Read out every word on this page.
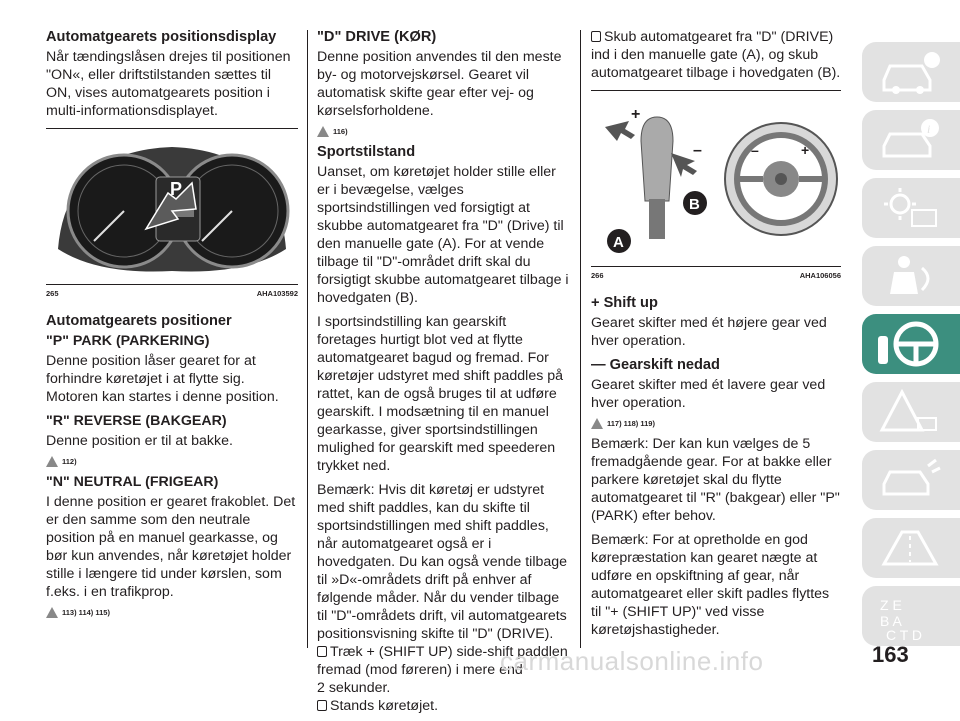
Automatgearets positionsdisplay

Når tændingslåsen drejes til positionen "ON«, eller driftstilstanden sættes til ON, vises automatgearets position i multi-informationsdisplayet.

P
265	AHA103592
Automatgearets positioner
"P" PARK (PARKERING)

Denne position låser gearet for at forhindre køretøjet i at flytte sig. Motoren kan startes i denne position.

"R" REVERSE (BAKGEAR)

Denne position er til at bakke.

112)
"N" NEUTRAL (FRIGEAR)

I denne position er gearet frakoblet. Det er den samme som den neutrale position på en manuel gearkasse, og bør kun anvendes, når køretøjet holder stille i længere tid under kørslen, som f.eks. i en trafikprop.

113) 114) 115)
"D" DRIVE (KØR)

Denne position anvendes til den meste by- og motorvejskørsel. Gearet vil automatisk skifte gear efter vej- og kørselsforholdene.

116)
Sportstilstand

Uanset, om køretøjet holder stille eller er i bevægelse, vælges sportsindstillingen ved forsigtigt at skubbe automatgearet fra "D" (Drive) til den manuelle gate (A). For at vende tilbage til "D"-området drift skal du forsigtigt skubbe automatgearet tilbage i hovedgaten (B).

I sportsindstilling kan gearskift foretages hurtigt blot ved at flytte automatgearet bagud og fremad. For køretøjer udstyret med shift paddles på rattet, kan de også bruges til at udføre gearskift. I modsætning til en manuel gearkasse, giver sportsindstillingen mulighed for gearskift med speederen trykket ned.

Bemærk: Hvis dit køretøj er udstyret med shift paddles, kan du skifte til sportsindstillingen med shift paddles, når automatgearet også er i hovedgaten. Du kan også vende tilbage til »D«-områdets drift på enhver af følgende måder. Når du vender tilbage til "D"-områdets drift, vil automatgearets positionsvisning skifte til "D" (DRIVE).

Træk + (SHIFT UP) side-shift paddlen

fremad (mod føreren) i mere end

2 sekunder.

Stands køretøjet.

Skub automatgearet fra "D" (DRIVE) ind i den manuelle gate (A), og skub automatgearet tilbage i hovedgaten (B).

+
–
A
B
–	+
266	AHA106056
+ Shift up

Gearet skifter med ét højere gear ved hver operation.

— Gearskift nedad

Gearet skifter med ét lavere gear ved hver operation.

117) 118) 119)

Bemærk: Der kan kun vælges de 5 fremadgående gear. For at bakke eller parkere køretøjet skal du flytte automatgearet til "R" (bakgear) eller "P" (PARK) efter behov.

Bemærk: For at opretholde en god kørepræstation kan gearet nægte at udføre en opskiftning af gear, når automatgearet eller skift padles flyttes til "+ (SHIFT UP)" ved visse køretøjshastigheder.

i
Z E
B A
C T D
carmanualsonline.info	163
